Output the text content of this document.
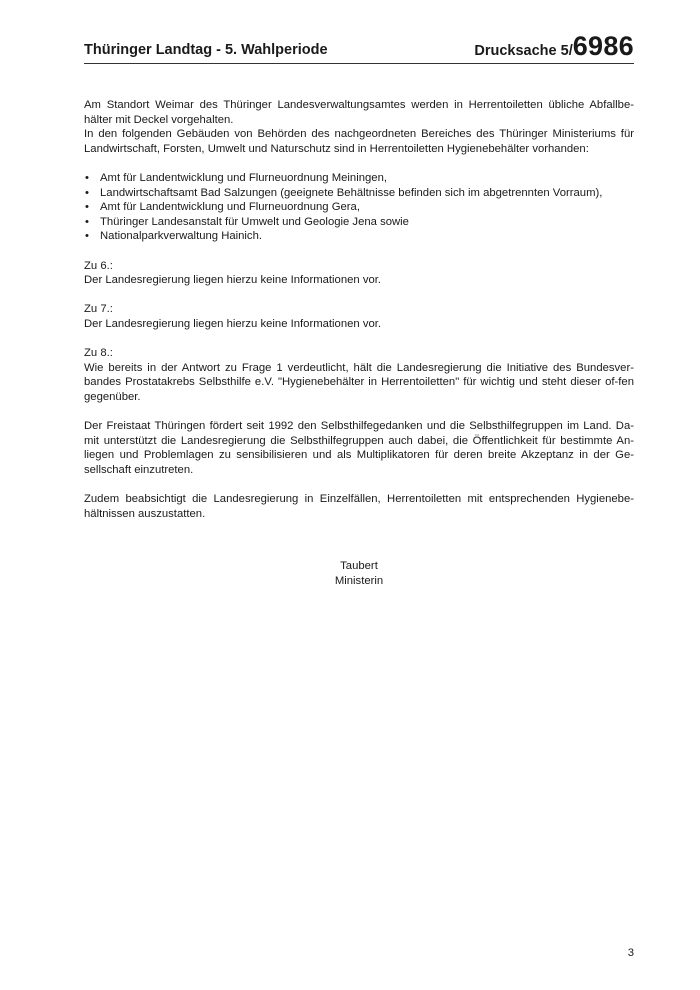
Thüringer Landtag - 5. Wahlperiode	Drucksache 5/6986

Am Standort Weimar des Thüringer Landesverwaltungsamtes werden in Herrentoiletten übliche Abfallbe-hälter mit Deckel vorgehalten.

In den folgenden Gebäuden von Behörden des nachgeordneten Bereiches des Thüringer Ministeriums für Landwirtschaft, Forsten, Umwelt und Naturschutz sind in Herrentoiletten Hygienebehälter vorhanden:

• Amt für Landentwicklung und Flurneuordnung Meiningen,
• Landwirtschaftsamt Bad Salzungen (geeignete Behältnisse befinden sich im abgetrennten Vorraum),
• Amt für Landentwicklung und Flurneuordnung Gera,
• Thüringer Landesanstalt für Umwelt und Geologie Jena sowie
• Nationalparkverwaltung Hainich.

Zu 6.:

Der Landesregierung liegen hierzu keine Informationen vor.

Zu 7.:

Der Landesregierung liegen hierzu keine Informationen vor.

Zu 8.:

Wie bereits in der Antwort zu Frage 1 verdeutlicht, hält die Landesregierung die Initiative des Bundesver-bandes Prostatakrebs Selbsthilfe e.V. "Hygienebehälter in Herrentoiletten" für wichtig und steht dieser of-fen gegenüber.

Der Freistaat Thüringen fördert seit 1992 den Selbsthilfegedanken und die Selbsthilfegruppen im Land. Da-mit unterstützt die Landesregierung die Selbsthilfegruppen auch dabei, die Öffentlichkeit für bestimmte An-liegen und Problemlagen zu sensibilisieren und als Multiplikatoren für deren breite Akzeptanz in der Ge-sellschaft einzutreten.

Zudem beabsichtigt die Landesregierung in Einzelfällen, Herrentoiletten mit entsprechenden Hygienebe-hältnissen auszustatten.

Taubert
Ministerin
3
